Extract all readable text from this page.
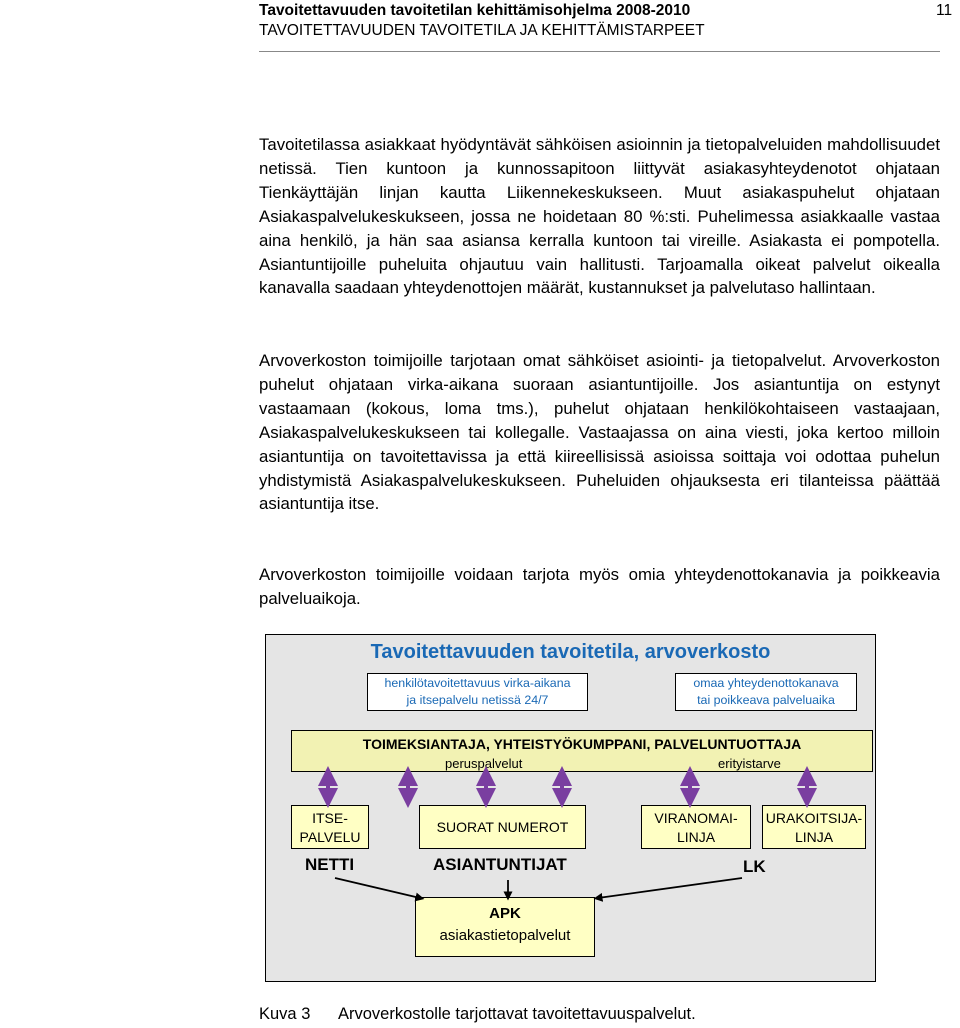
Tavoitettavuuden tavoitetilan kehittämisohjelma 2008-2010
TAVOITETTAVUUDEN TAVOITETILA JA KEHITTÄMISTARPEET
11

Tavoitetilassa asiakkaat hyödyntävät sähköisen asioinnin ja tietopalveluiden mahdollisuudet netissä. Tien kuntoon ja kunnossapitoon liittyvät asiakasyhteydenotot ohjataan Tienkäyttäjän linjan kautta Liikennekeskukseen. Muut asiakaspuhelut ohjataan Asiakaspalvelukeskukseen, jossa ne hoidetaan 80 %:sti. Puhelimessa asiakkaalle vastaa aina henkilö, ja hän saa asiansa kerralla kuntoon tai vireille. Asiakasta ei pompotella. Asiantuntijoille puheluita ohjautuu vain hallitusti. Tarjoamalla oikeat palvelut oikealla kanavalla saadaan yhteydenottojen määrät, kustannukset ja palvelutaso hallintaan.

Arvoverkoston toimijoille tarjotaan omat sähköiset asiointi- ja tietopalvelut. Arvoverkoston puhelut ohjataan virka-aikana suoraan asiantuntijoille. Jos asiantuntija on estynyt vastaamaan (kokous, loma tms.), puhelut ohjataan henkilökohtaiseen vastaajaan, Asiakaspalvelukeskukseen tai kollegalle. Vastaajassa on aina viesti, joka kertoo milloin asiantuntija on tavoitettavissa ja että kiireellisissä asioissa soittaja voi odottaa puhelun yhdistymistä Asiakaspalvelukeskukseen. Puheluiden ohjauksesta eri tilanteissa päättää asiantuntija itse.

Arvoverkoston toimijoille voidaan tarjota myös omia yhteydenottokanavia ja poikkeavia palveluaikoja.

Tavoitettavuuden tavoitetila, arvoverkosto
henkilötavoitettavuus virka-aikana
ja itsepalvelu netissä 24/7
omaa yhteydenottokanava
tai poikkeava palveluaika
TOIMEKSIANTAJA, YHTEISTYÖKUMPPANI, PALVELUNTUOTTAJA
peruspalvelut	erityistarve
ITSE-
PALVELU
SUORAT NUMEROT
VIRANOMAI-
LINJA
URAKOITSIJA-
LINJA
NETTI	ASIANTUNTIJAT	LK
APK
asiakastietopalvelut
Kuva 3 Arvoverkostolle tarjottavat tavoitettavuuspalvelut.
